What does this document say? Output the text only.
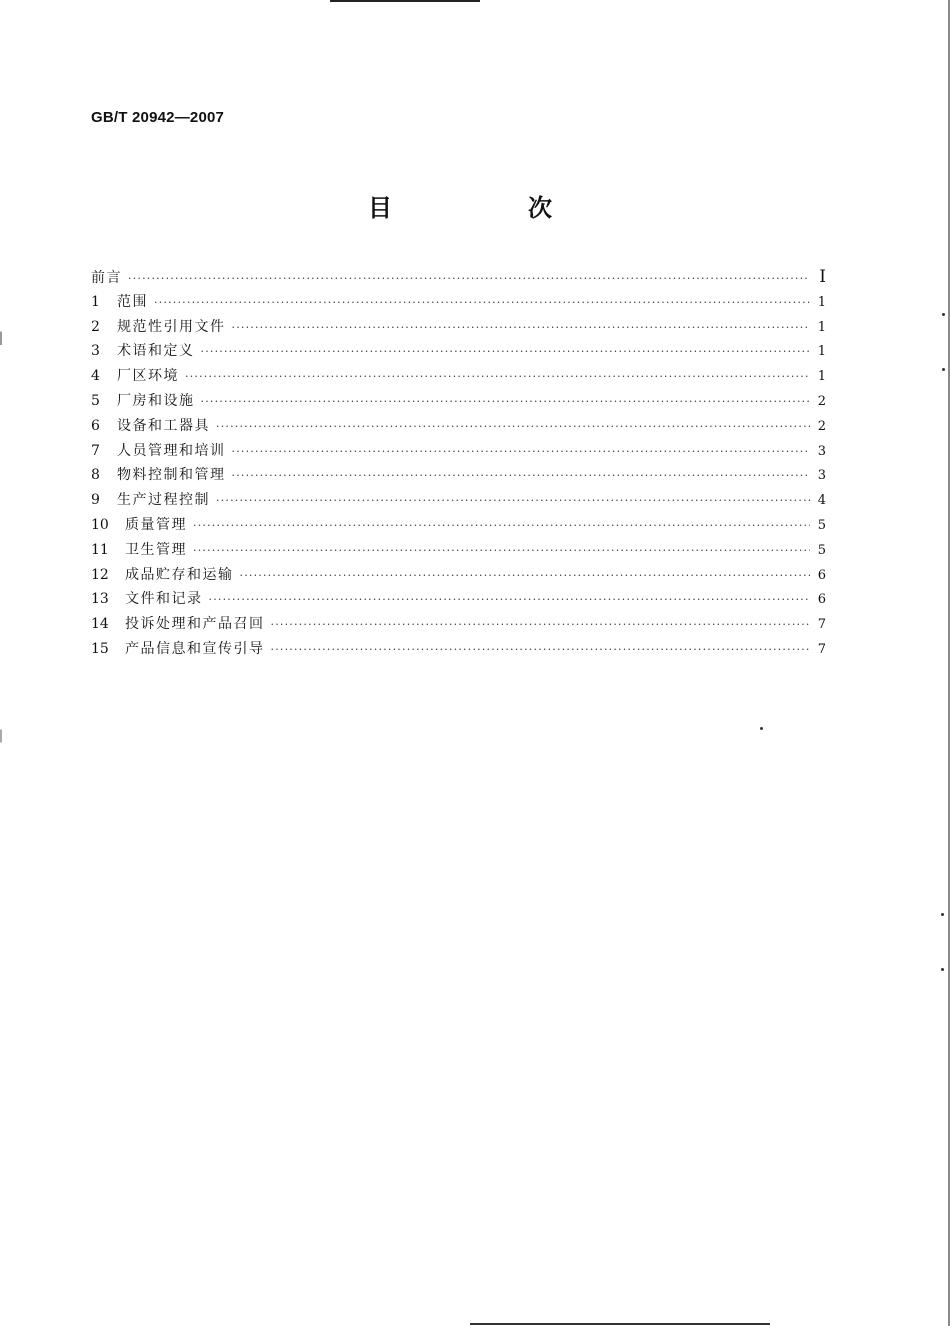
GB/T 20942—2007
目　次
前言 ·····	Ⅰ
1	范围 ·····	1
2	规范性引用文件 ·····	1
3	术语和定义 ·····	1
4	厂区环境 ·····	1
5	厂房和设施 ·····	2
6	设备和工器具 ·····	2
7	人员管理和培训 ·····	3
8	物料控制和管理 ·····	3
9	生产过程控制 ·····	4
10	质量管理 ·····	5
11	卫生管理 ·····	5
12	成品贮存和运输 ·····	6
13	文件和记录 ·····	6
14	投诉处理和产品召回 ·····	7
15	产品信息和宣传引导 ·····	7
